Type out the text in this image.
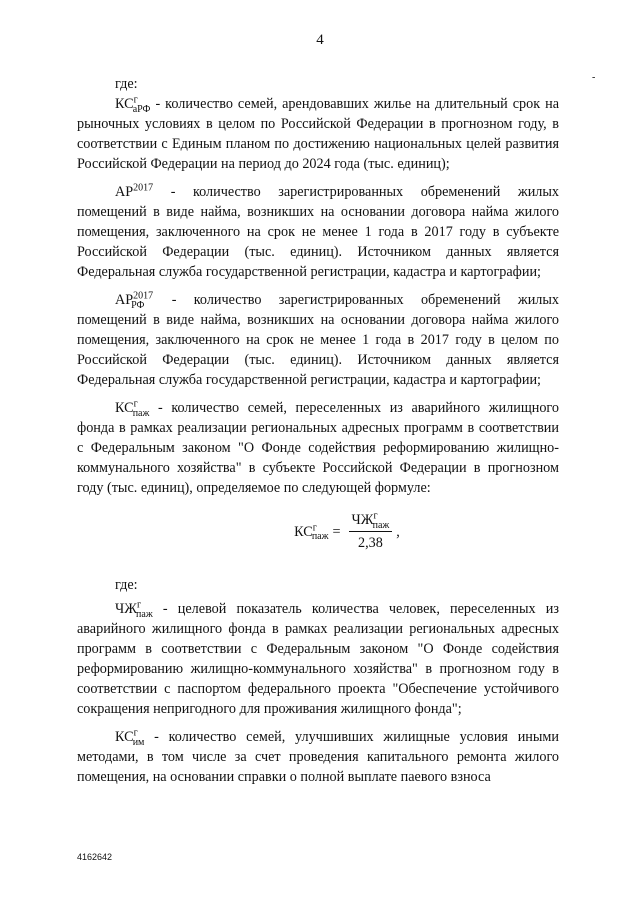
4
-

где:

$КС^г_{аРФ}$ - количество семей, арендовавших жилье на длительный срок на рыночных условиях в целом по Российской Федерации в прогнозном году, в соответствии с Единым планом по достижению национальных целей развития Российской Федерации на период до 2024 года (тыс. единиц);

$АР^{2017}$ - количество зарегистрированных обременений жилых помещений в виде найма, возникших на основании договора найма жилого помещения, заключенного на срок не менее 1 года в 2017 году в субъекте Российской Федерации (тыс. единиц). Источником данных является Федеральная служба государственной регистрации, кадастра и картографии;

$АР^{2017}_{РФ}$ - количество зарегистрированных обременений жилых помещений в виде найма, возникших на основании договора найма жилого помещения, заключенного на срок не менее 1 года в 2017 году в целом по Российской Федерации (тыс. единиц). Источником данных является Федеральная служба государственной регистрации, кадастра и картографии;

$КС^г_{паж}$ - количество семей, переселенных из аварийного жилищного фонда в рамках реализации региональных адресных программ в соответствии с Федеральным законом "О Фонде содействия реформированию жилищно-коммунального хозяйства" в субъекте Российской Федерации в прогнозном году (тыс. единиц), определяемое по следующей формуле:

$КС^г_{паж} = \frac{ЧЖ^г_{паж}}{2,38}$ ,

где:

$ЧЖ^г_{паж}$ - целевой показатель количества человек, переселенных из аварийного жилищного фонда в рамках реализации региональных адресных программ в соответствии с Федеральным законом "О Фонде содействия реформированию жилищно-коммунального хозяйства" в прогнозном году в соответствии с паспортом федерального проекта "Обеспечение устойчивого сокращения непригодного для проживания жилищного фонда";

$КС^г_{им}$ - количество семей, улучшивших жилищные условия иными методами, в том числе за счет проведения капитального ремонта жилого помещения, на основании справки о полной выплате паевого взноса

4162642
